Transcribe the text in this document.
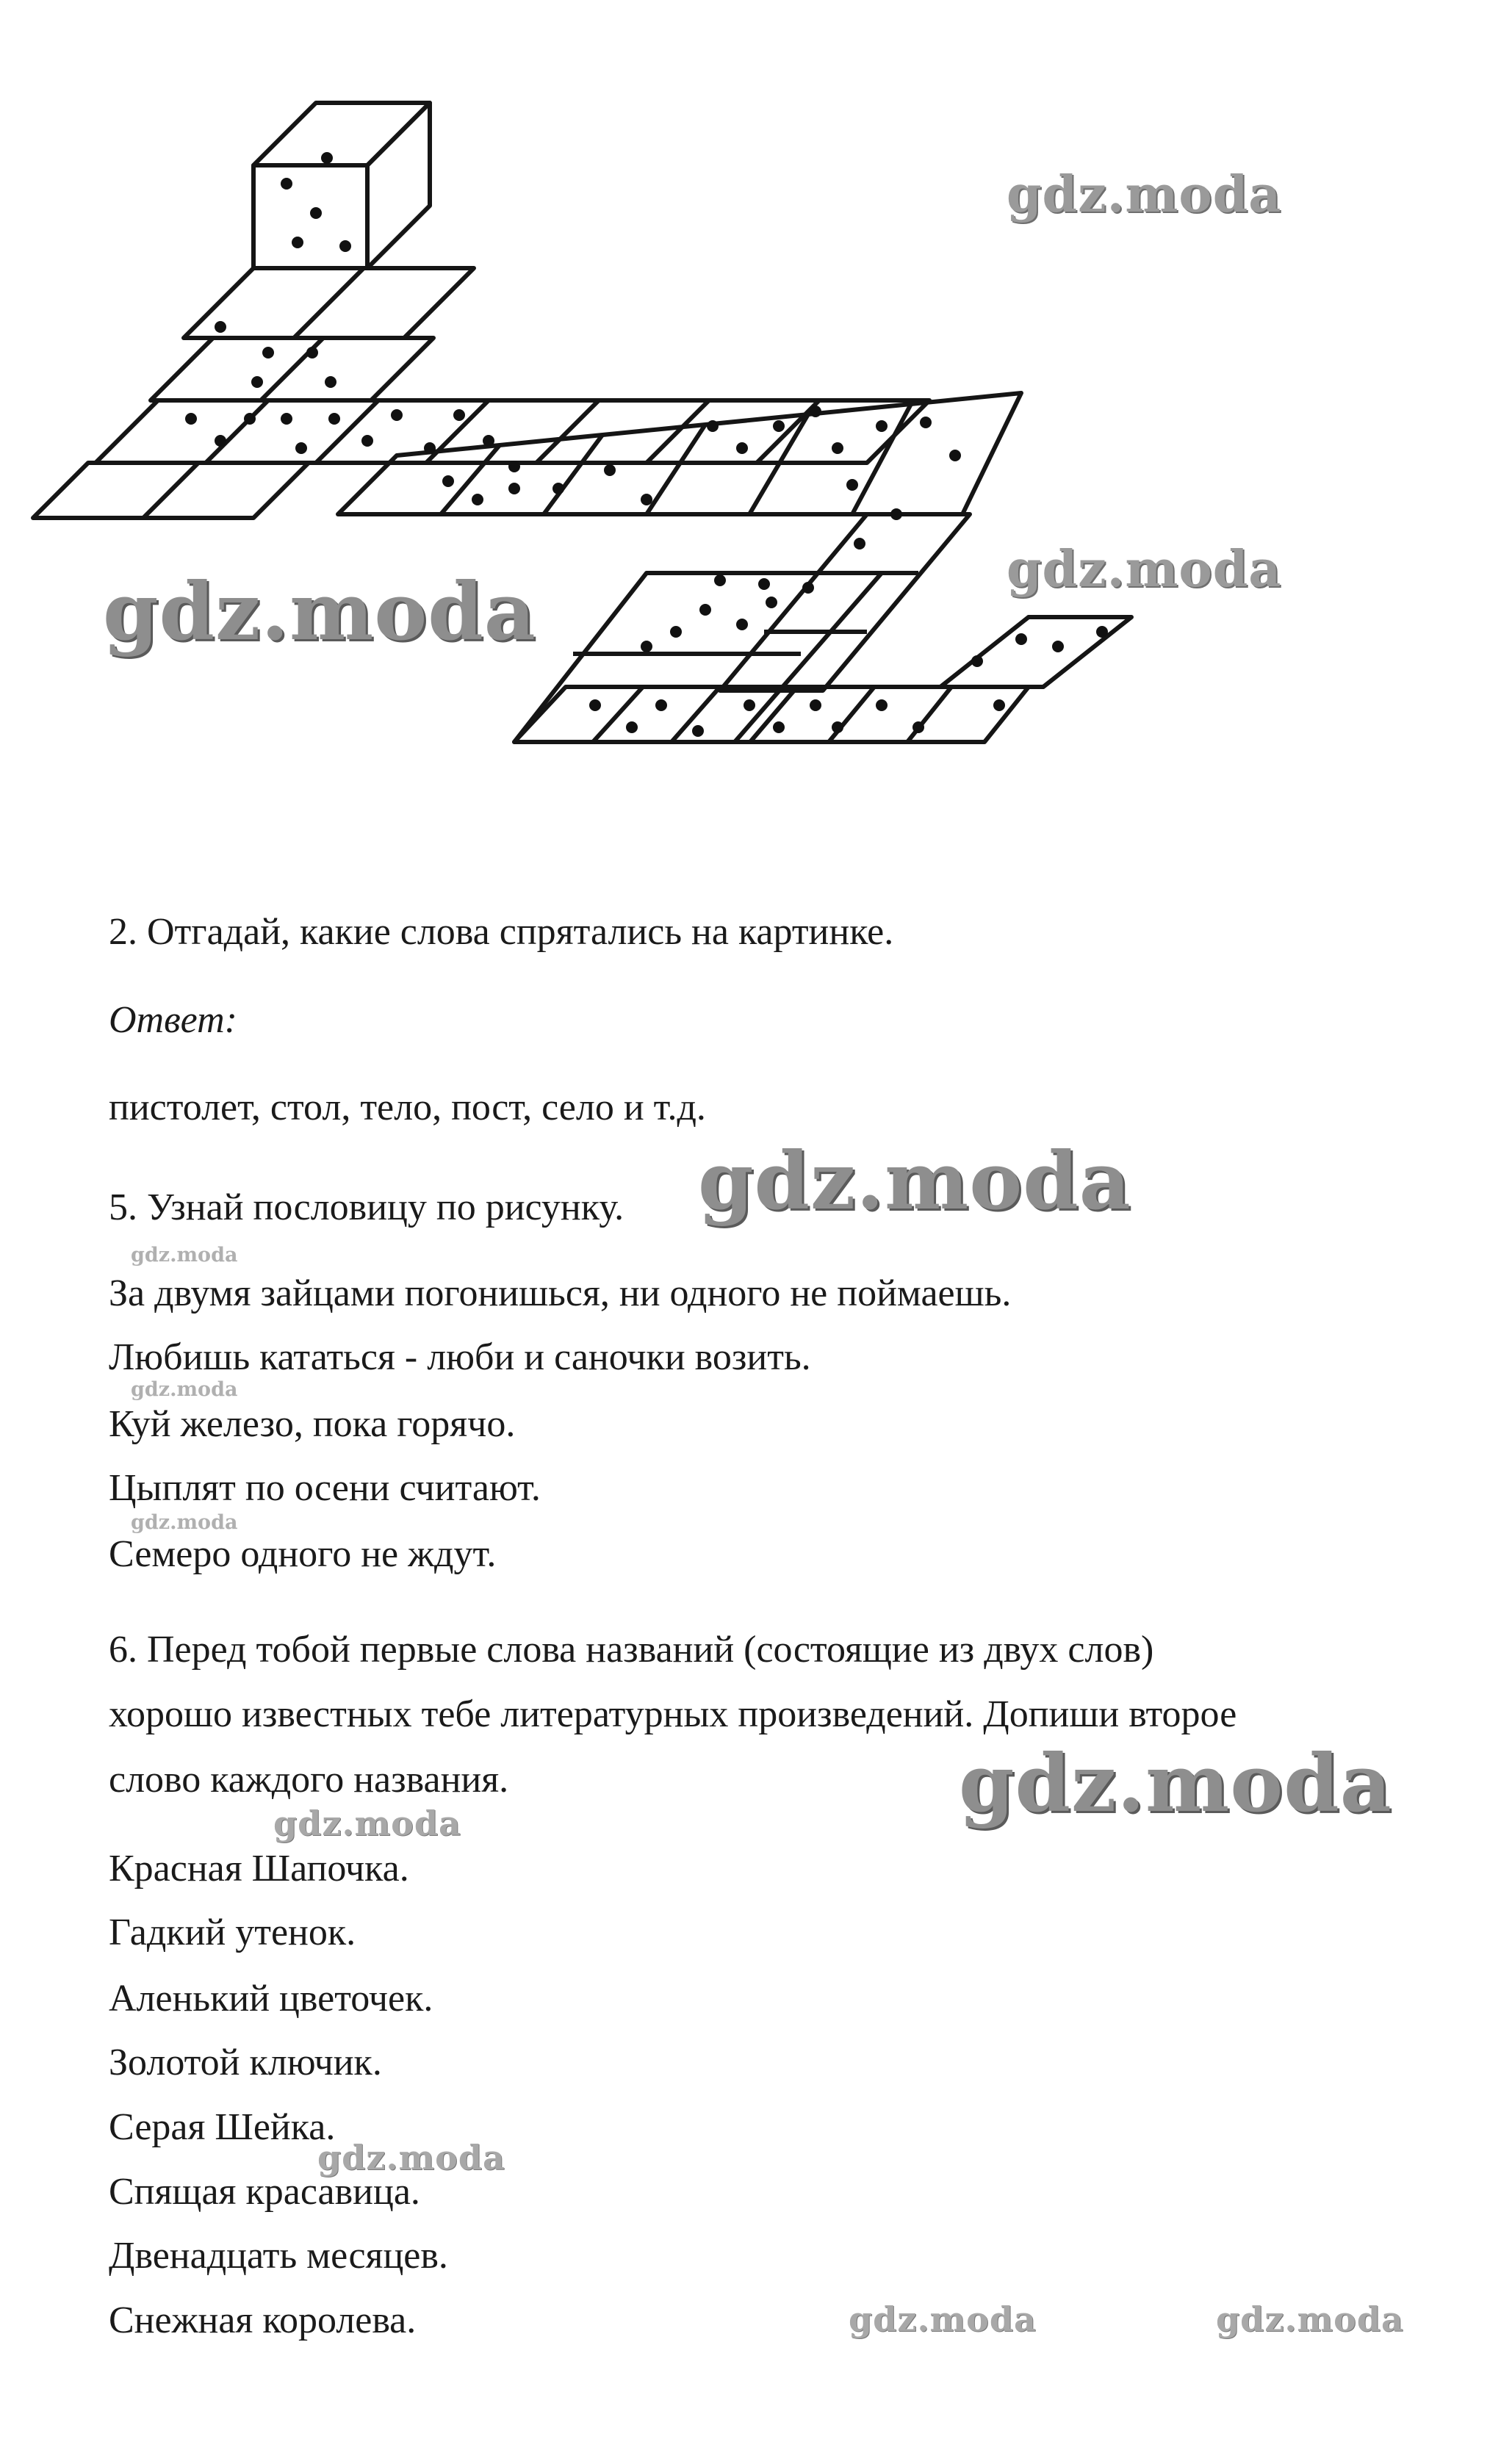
gdz.moda
gdz.moda	gdz.moda
gdz.moda
gdz.moda
gdz.moda
gdz.moda
gdz.moda
gdz.moda
gdz.moda
gdz.moda	gdz.moda
2. Отгадай, какие слова спрятались на картинке.
Ответ:
пистолет, стол, тело, пост, село и т.д.
5. Узнай пословицу по рисунку.
За двумя зайцами погонишься, ни одного не поймаешь.
Любишь кататься - люби и саночки возить.
Куй железо, пока горячо.
Цыплят по осени считают.
Семеро одного не ждут.
6. Перед тобой первые слова названий (состоящие из двух слов)
хорошо известных тебе литературных произведений. Допиши второе
слово каждого названия.
Красная Шапочка.
Гадкий утенок.
Аленький цветочек.
Золотой ключик.
Серая Шейка.
Спящая красавица.
Двенадцать месяцев.
Снежная королева.
